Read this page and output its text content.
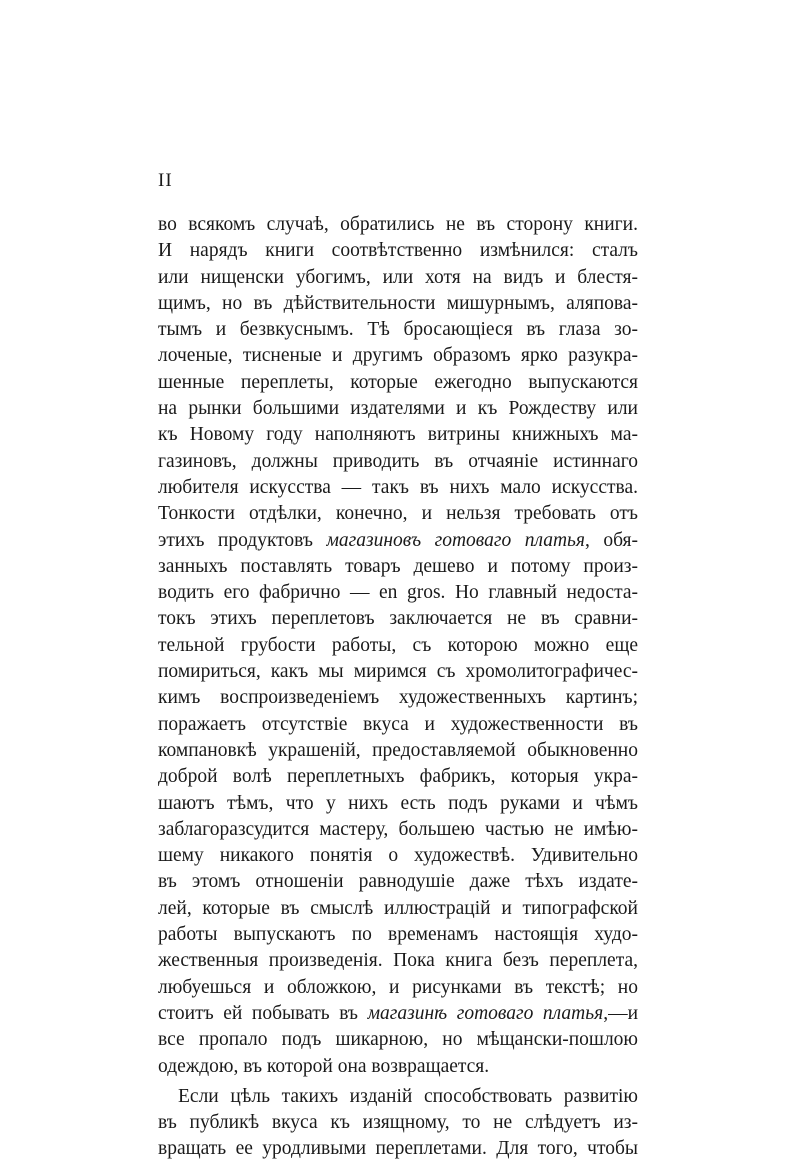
II
во всякомъ случаѣ, обратились не въ сторону книги.
И нарядъ книги соотвѣтственно измѣнился: сталъ
или нищенски убогимъ, или хотя на видъ и блестя-
щимъ, но въ дѣйствительности мишурнымъ, аляпова-
тымъ и безвкуснымъ. Тѣ бросающіеся въ глаза зо-
лоченые, тисненые и другимъ образомъ ярко разукра-
шенные переплеты, которые ежегодно выпускаются
на рынки большими издателями и къ Рождеству или
къ Новому году наполняютъ витрины книжныхъ ма-
газиновъ, должны приводить въ отчаяніе истиннаго
любителя искусства — такъ въ нихъ мало искусства.
Тонкости отдѣлки, конечно, и нельзя требовать отъ
этихъ продуктовъ магазиновъ готоваго платья, обя-
занныхъ поставлять товаръ дешево и потому произ-
водить его фабрично — en gros. Но главный недоста-
токъ этихъ переплетовъ заключается не въ сравни-
тельной грубости работы, съ которою можно еще
помириться, какъ мы миримся съ хромолитографичес-
кимъ воспроизведеніемъ художественныхъ картинъ;
поражаетъ отсутствіе вкуса и художественности въ
компановкѣ украшеній, предоставляемой обыкновенно
доброй волѣ переплетныхъ фабрикъ, которыя укра-
шаютъ тѣмъ, что у нихъ есть подъ руками и чѣмъ
заблагоразсудится мастеру, большею частью не имѣю-
шему никакого понятія о художествѣ. Удивительно
въ этомъ отношеніи равнодушіе даже тѣхъ издате-
лей, которые въ смыслѣ иллюстрацій и типографской
работы выпускаютъ по временамъ настоящія худо-
жественныя произведенія. Пока книга безъ переплета,
любуешься и обложкою, и рисунками въ текстѣ; но
стоитъ ей побывать въ магазинѣ готоваго платья,—и
все пропало подъ шикарною, но мѣщански-пошлою
одеждою, въ которой она возвращается.
Если цѣль такихъ изданій способствовать развитію
въ публикѣ вкуса къ изящному, то не слѣдуетъ из-
вращать ее уродливыми переплетами. Для того, чтобы
